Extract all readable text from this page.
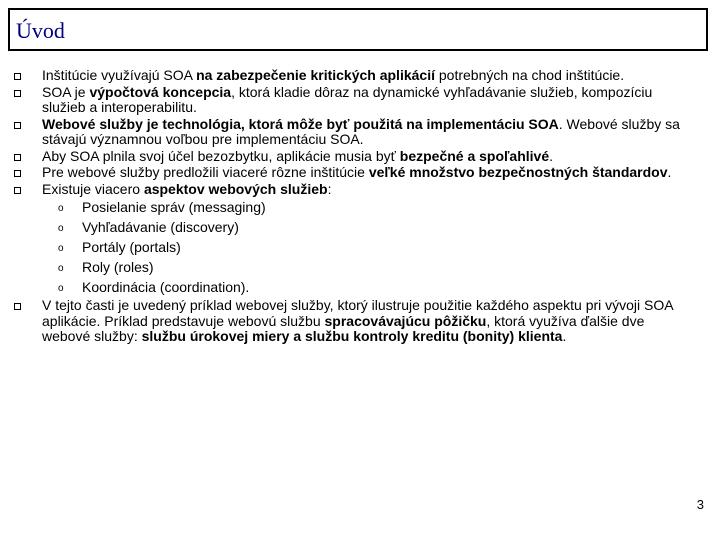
Úvod
Inštitúcie využívajú SOA na zabezpečenie kritických aplikácií potrebných na chod inštitúcie.
SOA je výpočtová koncepcia, ktorá kladie dôraz na dynamické vyhľadávanie služieb, kompozíciu služieb a interoperabilitu.
Webové služby je technológia, ktorá môže byť použitá na implementáciu SOA. Webové služby sa stávajú významnou voľbou pre implementáciu SOA.
Aby SOA plnila svoj účel bezozbytku, aplikácie musia byť bezpečné a spoľahlivé.
Pre webové služby predložili viaceré rôzne inštitúcie veľké množstvo bezpečnostných štandardov.
Existuje viacero aspektov webových služieb:
o Posielanie správ (messaging)
o Vyhľadávanie (discovery)
o Portály (portals)
o Roly (roles)
o Koordinácia (coordination).
V tejto časti je uvedený príklad webovej služby, ktorý ilustruje použitie každého aspektu pri vývoji SOA aplikácie. Príklad predstavuje webovú službu spracovávajúcu pôžičku, ktorá využíva ďalšie dve webové služby: službu úrokovej miery a službu kontroly kreditu (bonity) klienta.
3
